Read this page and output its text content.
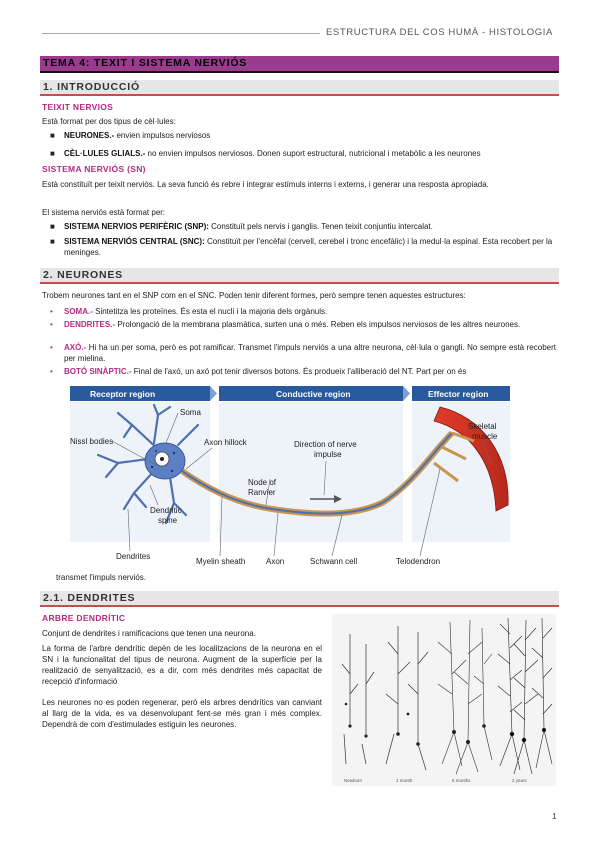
ESTRUCTURA DEL COS HUMÀ - HISTOLOGIA
TEMA 4: TEXIT I SISTEMA NERVIÓS
1. INTRODUCCIÓ
TEIXIT NERVIOS
Està format per dos tipus de cèl·lules:
■ NEURONES.- envien impulsos nerviosos
■ CÈL·LULES GLIALS.- no envien impulsos nerviosos. Donen suport estructural, nutricional i metabòlic a les neurones
SISTEMA NERVIÓS (SN)
Està constituït per teixit nerviós. La seva funció és rebre i integrar estímuls interns i externs, i generar una resposta apropiada.
El sistema nerviós està format per:
■ SISTEMA NERVIOS PERIFÈRIC (SNP): Constituït pels nervis i ganglis. Tenen teixit conjuntiu intercalat.
■ SISTEMA NERVIÓS CENTRAL (SNC): Constituït per l'encèfal (cervell, cerebel i tronc encefàlic) i la medul·la espinal. Esta recobert per la meninges.
2. NEURONES
Trobem neurones tant en el SNP com en el SNC. Poden tenir diferent formes, però sempre tenen aquestes estructures:
• SOMA.- Sintetitza les proteïnes. És esta el nucli i la majoria dels orgànuls.
• DENDRITES.- Prolongació de la membrana plasmàtica, surten una o més. Reben els impulsos nerviosos de les altres neurones.
• AXÓ.- Hi ha un per soma, però es pot ramificar. Transmet l'impuls nerviós a una altre neurona, cèl·lula o gangli. No sempre està recobert per mielina.
• BOTÓ SINÀPTIC.- Final de l'axó, un axó pot tenir diversos botons. És produeix l'alliberació del NT. Part per on és
Receptor region	Conductive region	Effector region
Soma
Nissl bodies	Axon hillock
Node of
Ranvier
Direction of nerve
impulse
Skeletal
muscle
Dendritic
spine
Dendrites
Myelin sheath	Axon	Schwann cell	Telodendron
transmet l'impuls nerviós.
2.1. DENDRITES
ARBRE DENDRÍTIC
Conjunt de dendrites i ramificacions que tenen una neurona.
La forma de l'arbre dendrític depèn de les localitzacions de la neurona en el SN i la funcionalitat del tipus de neurona. Augment de la superfície per la realització de senyalització, es a dir, com més dendrites més capacitat de recepció d'informació
Les neurones no es poden regenerar, però els arbres dendrítics van canviant al llarg de la vida, es va desenvolupant fent-se més gran i més complex. Dependrà de com d'estimulades estiguin les neurones.
Newborn	1 month	6 months	2 years
1
